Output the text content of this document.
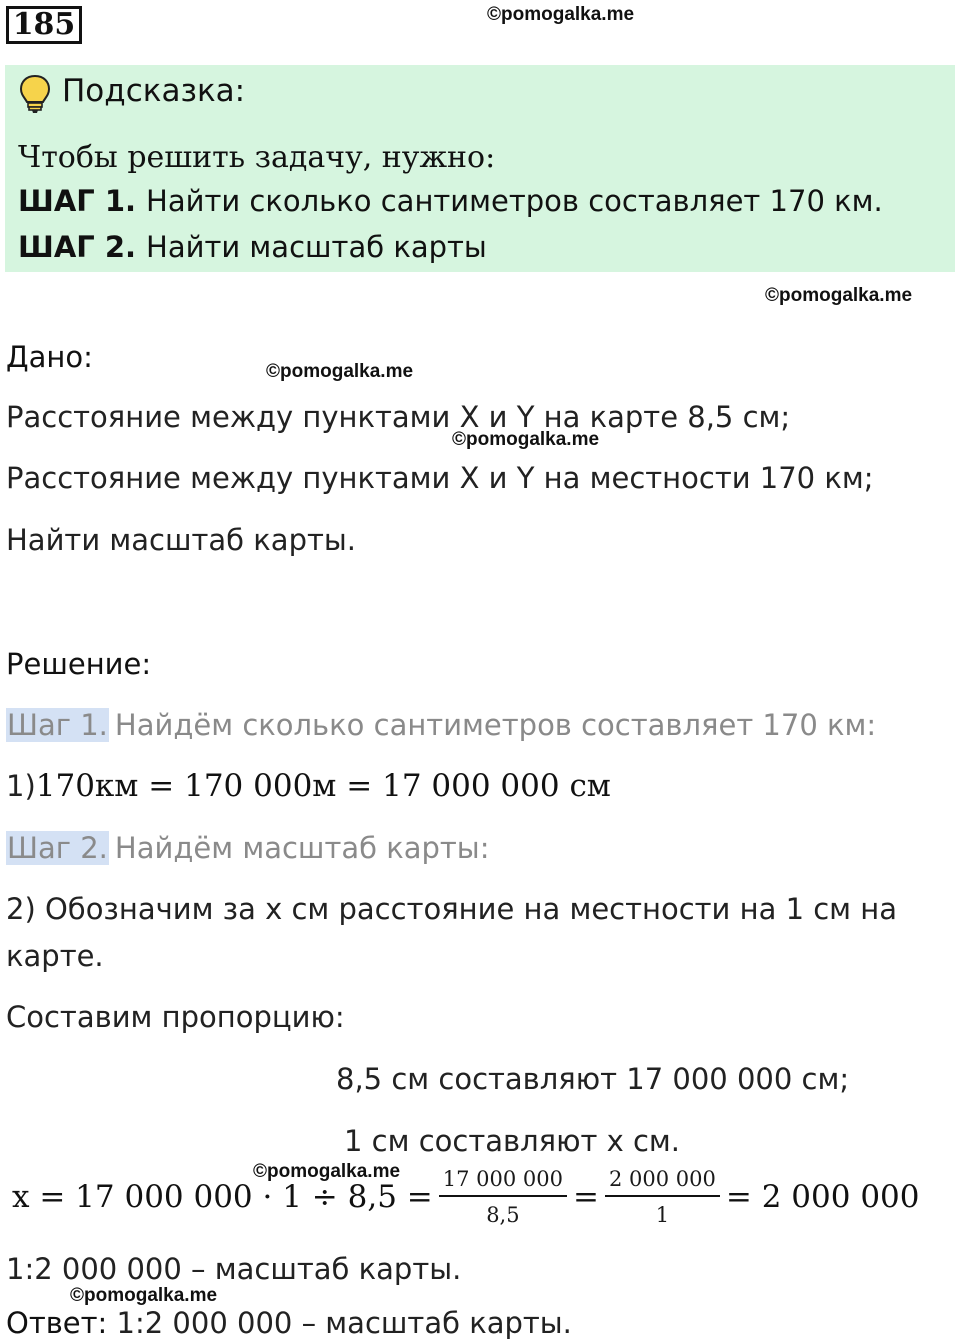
185	©pomogalka.me
Подсказка:
Чтобы решить задачу, нужно:
ШАГ 1. Найти сколько сантиметров составляет 170 км.
ШАГ 2. Найти масштаб карты
©pomogalka.me
Дано:	©pomogalka.me
Расстояние между пунктами X и Y на карте 8,5 см;
©pomogalka.me
Расстояние между пунктами X и Y на местности 170 км;
Найти масштаб карты.
Решение:
Шаг 1. Найдём сколько сантиметров составляет 170 км:
1)170км = 170 000м = 17 000 000 см
Шаг 2. Найдём масштаб карты:
2) Обозначим за x см расстояние на местности на 1 см на
карте.
Составим пропорцию:
8,5 см составляют 17 000 000 см;
1 см составляют x см.
©pomogalka.me
x = 17 000 $000 \cdot 1 \div 8,5 = \frac{17 000 000}{8,5} = \frac{2 000 000}{1} = 2$ 000 000
1:2 000 000 – масштаб карты.
©pomogalka.me
Ответ: 1:2 000 000 – масштаб карты.
